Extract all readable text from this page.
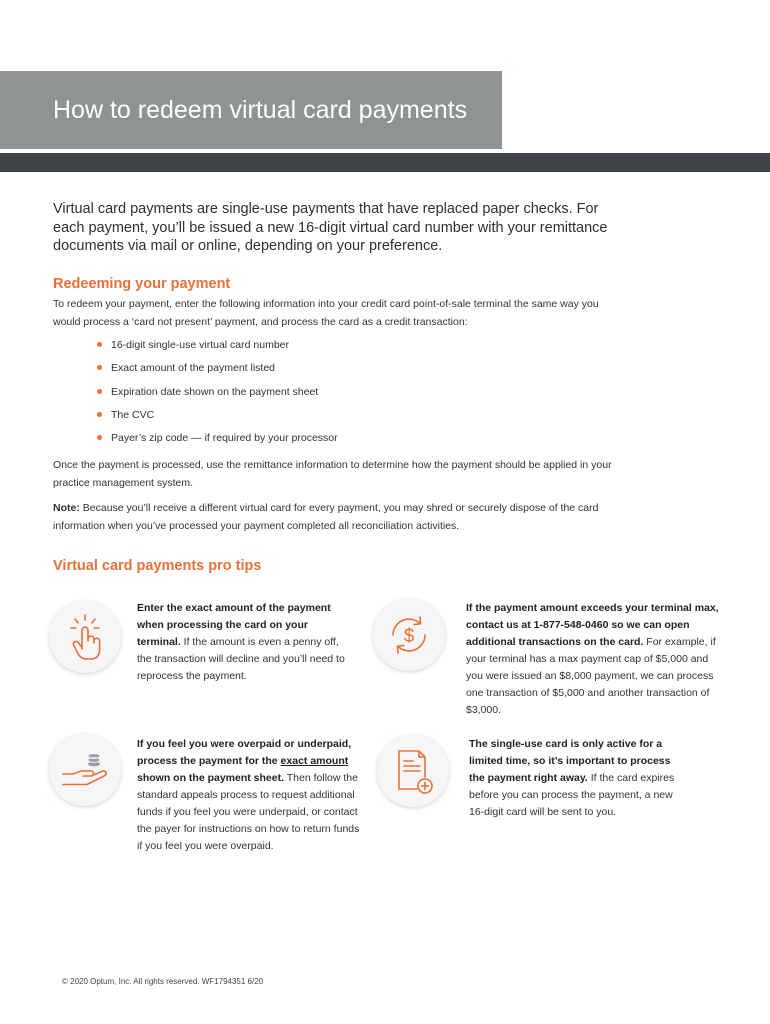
How to redeem virtual card payments

Virtual card payments are single-use payments that have replaced paper checks. For each payment, you’ll be issued a new 16-digit virtual card number with your remittance documents via mail or online, depending on your preference.

Redeeming your payment

To redeem your payment, enter the following information into your credit card point-of-sale terminal the same way you would process a ‘card not present’ payment, and process the card as a credit transaction:

16-digit single-use virtual card number
Exact amount of the payment listed
Expiration date shown on the payment sheet
The CVC
Payer’s zip code — if required by your processor

Once the payment is processed, use the remittance information to determine how the payment should be applied in your practice management system.

Note: Because you’ll receive a different virtual card for every payment, you may shred or securely dispose of the card information when you’ve processed your payment completed all reconciliation activities.

Virtual card payments pro tips

Enter the exact amount of the payment when processing the card on your terminal. If the amount is even a penny off, the transaction will decline and you’ll need to reprocess the payment.

$

If the payment amount exceeds your terminal max, contact us at 1-877-548-0460 so we can open additional transactions on the card. For example, if your terminal has a max payment cap of $5,000 and you were issued an $8,000 payment, we can process one transaction of $5,000 and another transaction of $3,000.

If you feel you were overpaid or underpaid, process the payment for the exact amount shown on the payment sheet. Then follow the standard appeals process to request additional funds if you feel you were underpaid, or contact the payer for instructions on how to return funds if you feel you were overpaid.

The single-use card is only active for a limited time, so it’s important to process the payment right away. If the card expires before you can process the payment, a new 16-digit card will be sent to you.

© 2020 Optum, Inc. All rights reserved. WF1794351 6/20
